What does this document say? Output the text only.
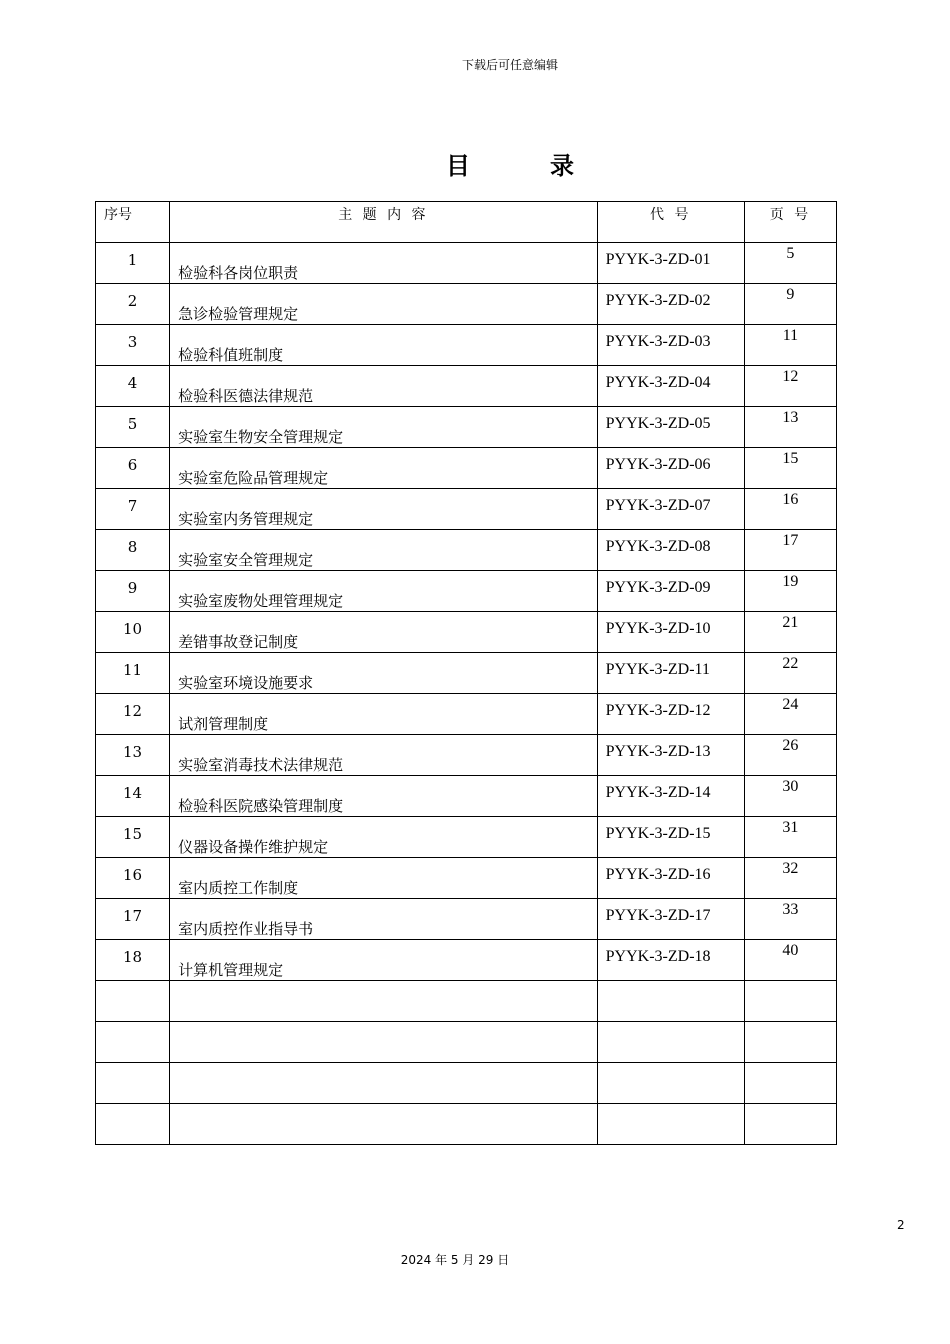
下载后可任意编辑
目	录
序号	主 题 内 容	代 号	页 号

1	检验科各岗位职责	PYYK-3-ZD-01	5

2	急诊检验管理规定	PYYK-3-ZD-02	9

3	检验科值班制度	PYYK-3-ZD-03	11

4	检验科医德法律规范	PYYK-3-ZD-04	12

5	实验室生物安全管理规定	PYYK-3-ZD-05	13

6	实验室危险品管理规定	PYYK-3-ZD-06	15

7	实验室内务管理规定	PYYK-3-ZD-07	16

8	实验室安全管理规定	PYYK-3-ZD-08	17

9	实验室废物处理管理规定	PYYK-3-ZD-09	19

10	差错事故登记制度	PYYK-3-ZD-10	21

11	实验室环境设施要求	PYYK-3-ZD-11	22

12	试剂管理制度	PYYK-3-ZD-12	24

13	实验室消毒技术法律规范	PYYK-3-ZD-13	26

14	检验科医院感染管理制度	PYYK-3-ZD-14	30

15	仪器设备操作维护规定	PYYK-3-ZD-15	31

16	室内质控工作制度	PYYK-3-ZD-16	32

17	室内质控作业指导书	PYYK-3-ZD-17	33

18	计算机管理规定	PYYK-3-ZD-18	40

2
2024 年 5 月 29 日
